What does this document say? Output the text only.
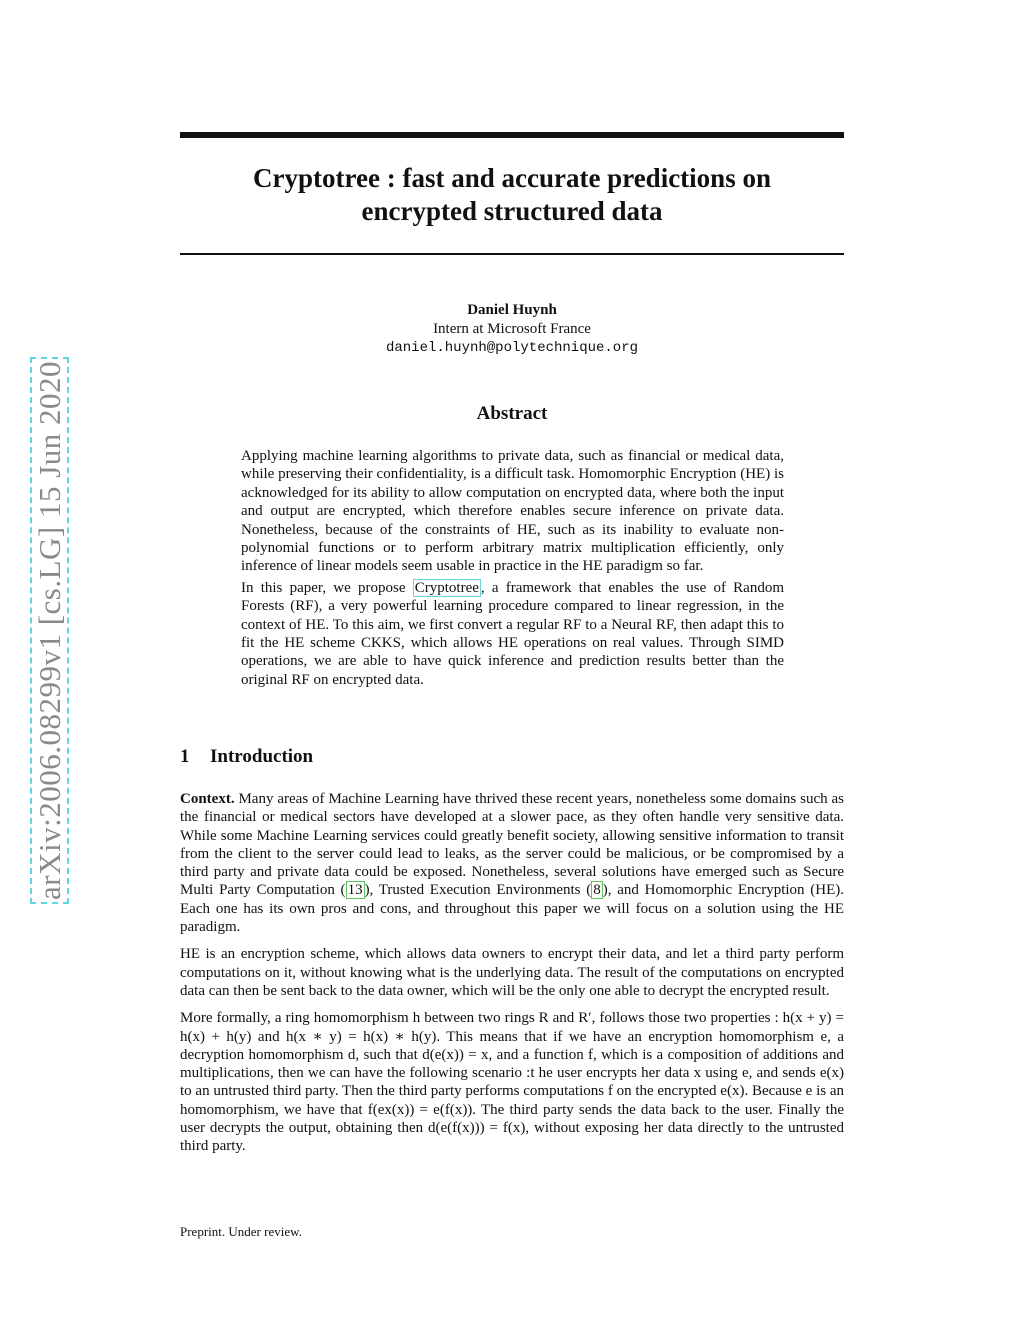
arXiv:2006.08299v1 [cs.LG] 15 Jun 2020
Cryptotree : fast and accurate predictions on
encrypted structured data
Daniel Huynh
Intern at Microsoft France
daniel.huynh@polytechnique.org
Abstract

Applying machine learning algorithms to private data, such as financial or medical data, while preserving their confidentiality, is a difficult task. Homomorphic Encryption (HE) is acknowledged for its ability to allow computation on encrypted data, where both the input and output are encrypted, which therefore enables secure inference on private data. Nonetheless, because of the constraints of HE, such as its inability to evaluate non-polynomial functions or to perform arbitrary matrix multiplication efficiently, only inference of linear models seem usable in practice in the HE paradigm so far.

In this paper, we propose Cryptotree , a framework that enables the use of Random Forests (RF), a very powerful learning procedure compared to linear regression, in the context of HE. To this aim, we first convert a regular RF to a Neural RF, then adapt this to fit the HE scheme CKKS, which allows HE operations on real values. Through SIMD operations, we are able to have quick inference and prediction results better than the original RF on encrypted data.

1 Introduction

Context. Many areas of Machine Learning have thrived these recent years, nonetheless some domains such as the financial or medical sectors have developed at a slower pace, as they often handle very sensitive data. While some Machine Learning services could greatly benefit society, allowing sensitive information to transit from the client to the server could lead to leaks, as the server could be malicious, or be compromised by a third party and private data could be exposed. Nonetheless, several solutions have emerged such as Secure Multi Party Computation ( 13 ), Trusted Execution Environments ( 8 ), and Homomorphic Encryption (HE). Each one has its own pros and cons, and throughout this paper we will focus on a solution using the HE paradigm.

HE is an encryption scheme, which allows data owners to encrypt their data, and let a third party perform computations on it, without knowing what is the underlying data. The result of the computations on encrypted data can then be sent back to the data owner, which will be the only one able to decrypt the encrypted result.

More formally, a ring homomorphism h between two rings R and R′, follows those two properties : h(x + y) = h(x) + h(y) and h(x ∗ y) = h(x) ∗ h(y). This means that if we have an encryption homomorphism e, a decryption homomorphism d, such that d(e(x)) = x, and a function f, which is a composition of additions and multiplications, then we can have the following scenario :t he user encrypts her data x using e, and sends e(x) to an untrusted third party. Then the third party performs computations f on the encrypted e(x). Because e is an homomorphism, we have that f(ex(x)) = e(f(x)). The third party sends the data back to the user. Finally the user decrypts the output, obtaining then d(e(f(x))) = f(x), without exposing her data directly to the untrusted third party.

Preprint. Under review.
